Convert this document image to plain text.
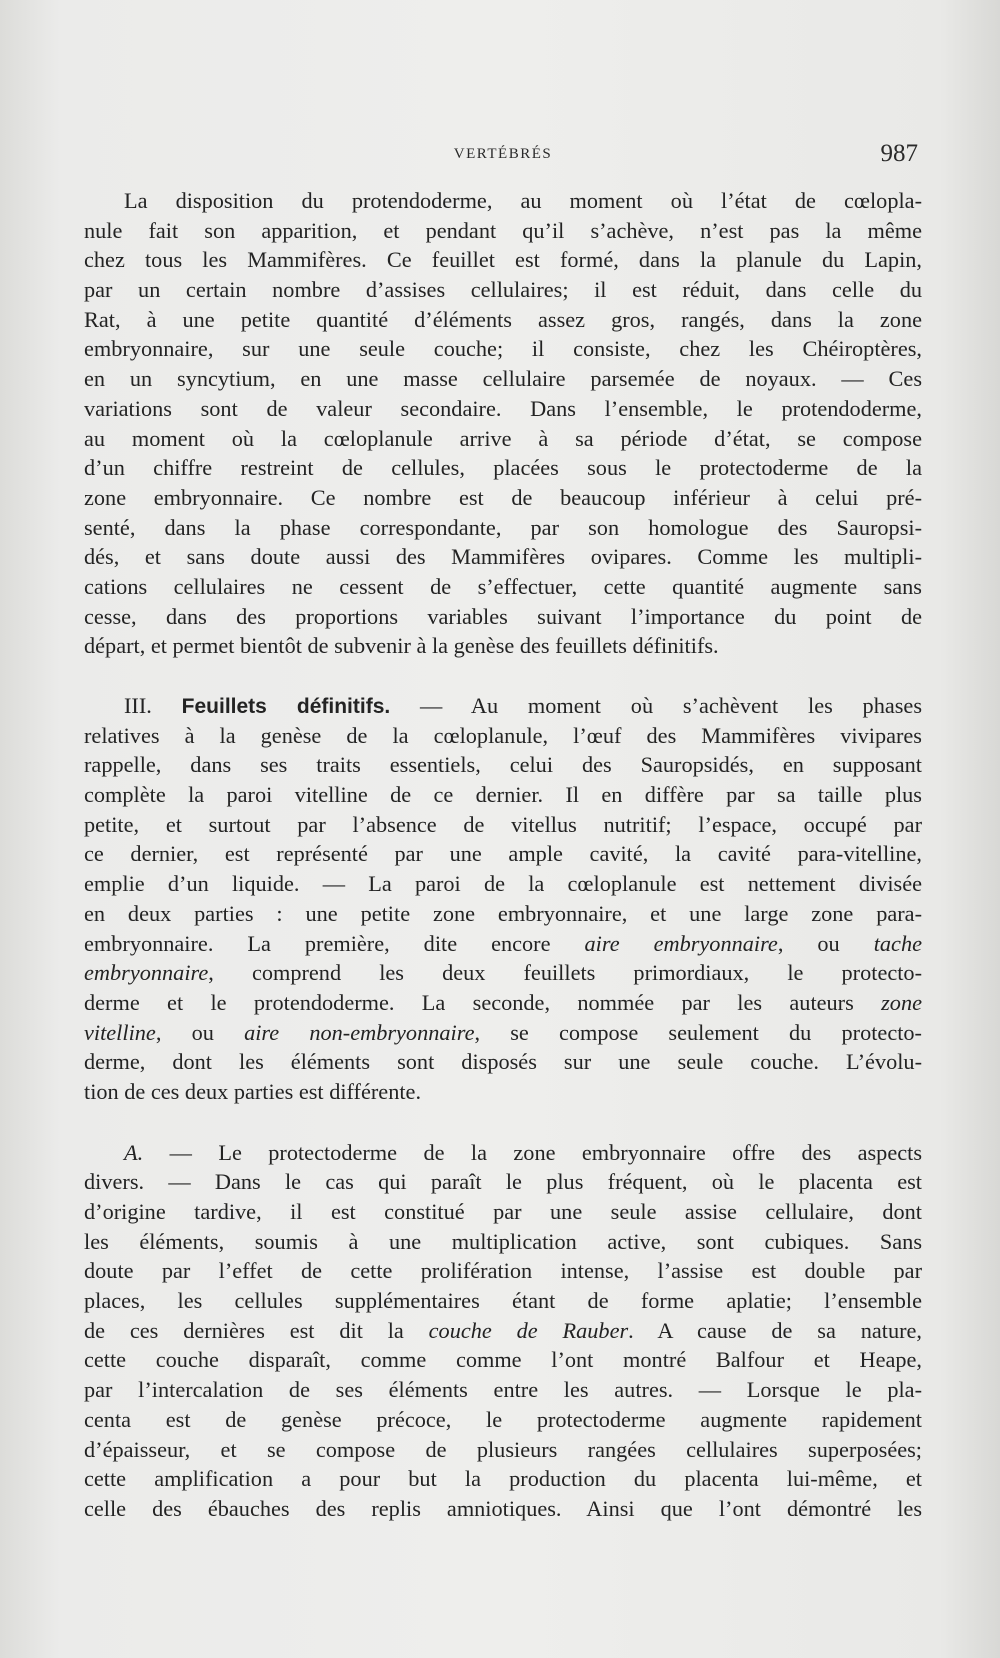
VERTÉBRÉS	987
La disposition du protendoderme, au moment où l’état de cœlopla-
nule fait son apparition, et pendant qu’il s’achève, n’est pas la même
chez tous les Mammifères. Ce feuillet est formé, dans la planule du Lapin,
par un certain nombre d’assises cellulaires; il est réduit, dans celle du
Rat, à une petite quantité d’éléments assez gros, rangés, dans la zone
embryonnaire, sur une seule couche; il consiste, chez les Chéiroptères,
en un syncytium, en une masse cellulaire parsemée de noyaux. — Ces
variations sont de valeur secondaire. Dans l’ensemble, le protendoderme,
au moment où la cœloplanule arrive à sa période d’état, se compose
d’un chiffre restreint de cellules, placées sous le protectoderme de la
zone embryonnaire. Ce nombre est de beaucoup inférieur à celui pré-
senté, dans la phase correspondante, par son homologue des Sauropsi-
dés, et sans doute aussi des Mammifères ovipares. Comme les multipli-
cations cellulaires ne cessent de s’effectuer, cette quantité augmente sans
cesse, dans des proportions variables suivant l’importance du point de
départ, et permet bientôt de subvenir à la genèse des feuillets définitifs.
III. Feuillets définitifs. — Au moment où s’achèvent les phases
relatives à la genèse de la cœloplanule, l’œuf des Mammifères vivipares
rappelle, dans ses traits essentiels, celui des Sauropsidés, en supposant
complète la paroi vitelline de ce dernier. Il en diffère par sa taille plus
petite, et surtout par l’absence de vitellus nutritif; l’espace, occupé par
ce dernier, est représenté par une ample cavité, la cavité para-vitelline,
emplie d’un liquide. — La paroi de la cœloplanule est nettement divisée
en deux parties : une petite zone embryonnaire, et une large zone para-
embryonnaire. La première, dite encore aire embryonnaire, ou tache
embryonnaire, comprend les deux feuillets primordiaux, le protecto-
derme et le protendoderme. La seconde, nommée par les auteurs zone
vitelline, ou aire non-embryonnaire, se compose seulement du protecto-
derme, dont les éléments sont disposés sur une seule couche. L’évolu-
tion de ces deux parties est différente.
A. — Le protectoderme de la zone embryonnaire offre des aspects
divers. — Dans le cas qui paraît le plus fréquent, où le placenta est
d’origine tardive, il est constitué par une seule assise cellulaire, dont
les éléments, soumis à une multiplication active, sont cubiques. Sans
doute par l’effet de cette prolifération intense, l’assise est double par
places, les cellules supplémentaires étant de forme aplatie; l’ensemble
de ces dernières est dit la couche de Rauber. A cause de sa nature,
cette couche disparaît, comme comme l’ont montré Balfour et Heape,
par l’intercalation de ses éléments entre les autres. — Lorsque le pla-
centa est de genèse précoce, le protectoderme augmente rapidement
d’épaisseur, et se compose de plusieurs rangées cellulaires superposées;
cette amplification a pour but la production du placenta lui-même, et
celle des ébauches des replis amniotiques. Ainsi que l’ont démontré les
